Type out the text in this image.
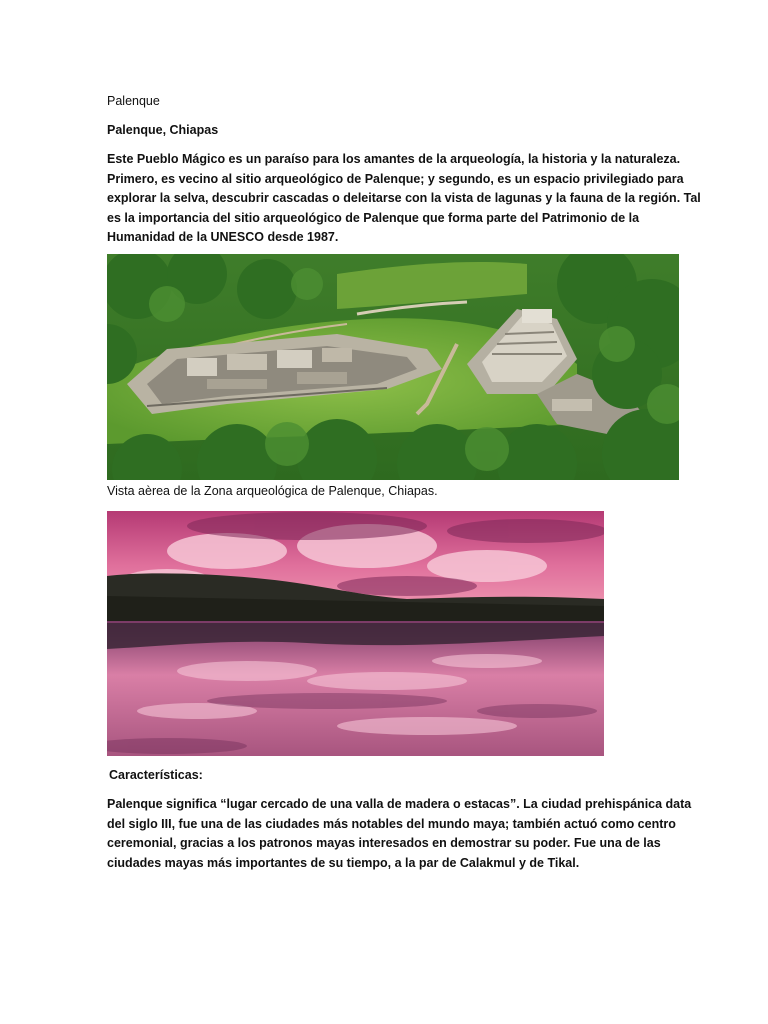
Palenque
Palenque, Chiapas
Este Pueblo Mágico es un paraíso para los amantes de la arqueología, la historia y la naturaleza.
Primero, es vecino al sitio arqueológico de Palenque; y segundo, es un espacio privilegiado para
explorar la selva, descubrir cascadas o deleitarse con la vista de lagunas y la fauna de la región. Tal
es la importancia del sitio arqueológico de Palenque que forma parte del Patrimonio de la
Humanidad de la UNESCO desde 1987.
Vista aèrea de la Zona arqueológica de Palenque, Chiapas.
Características:
Palenque significa “lugar cercado de una valla de madera o estacas”. La ciudad prehispánica data
del siglo III, fue una de las ciudades más notables del mundo maya; también actuó como centro
ceremonial, gracias a los patronos mayas interesados en demostrar su poder. Fue una de las
ciudades mayas más importantes de su tiempo, a la par de Calakmul y de Tikal.
